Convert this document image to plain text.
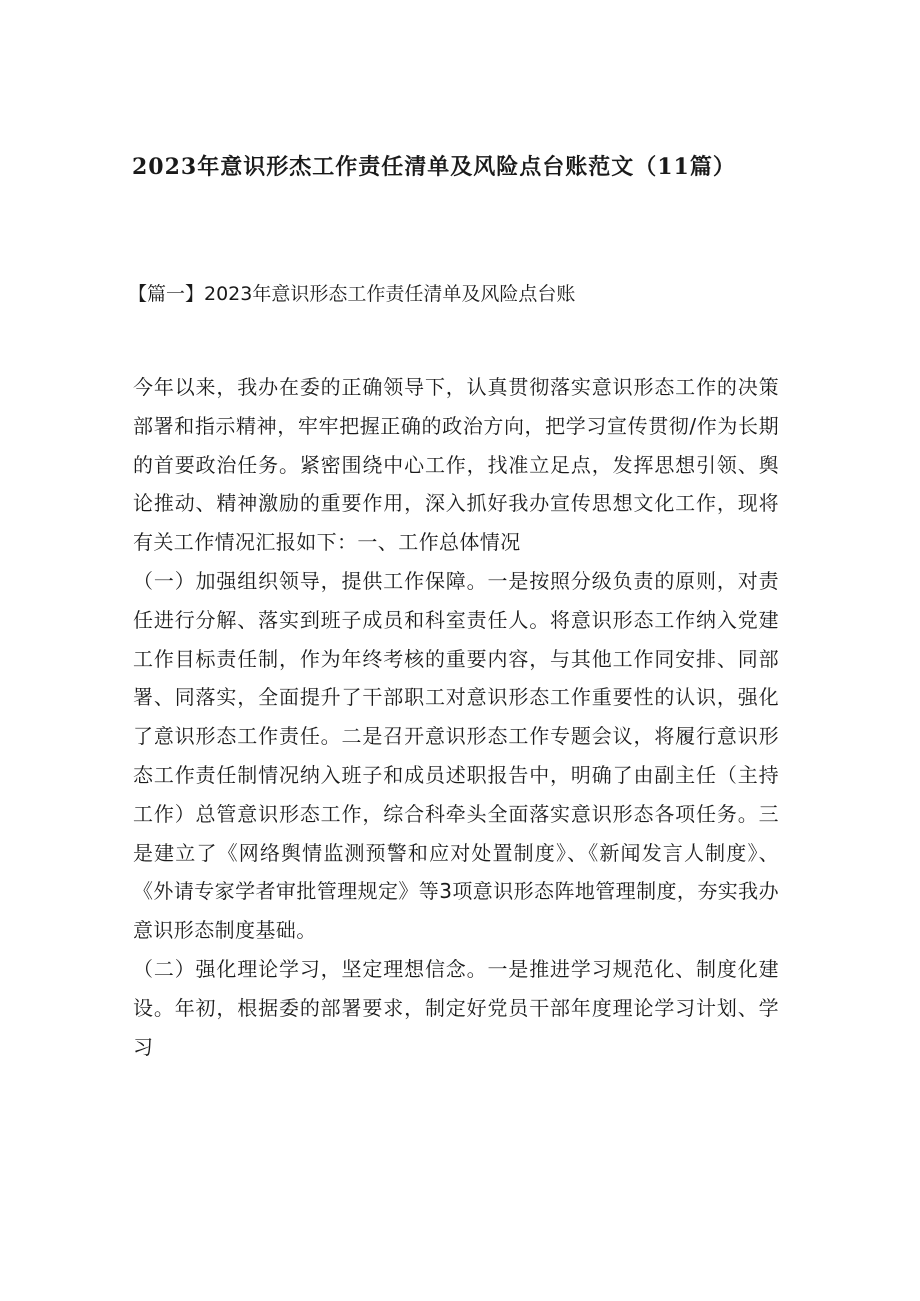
2023年意识形杰工作责任清单及风险点台账范文（11篇）
【篇一】2023年意识形态工作责任清单及风险点台账

今年以来，我办在委的正确领导下，认真贯彻落实意识形态工作的决策部署和指示精神，牢牢把握正确的政治方向，把学习宣传贯彻/作为长期的首要政治任务。紧密围绕中心工作，找准立足点，发挥思想引领、舆论推动、精神激励的重要作用，深入抓好我办宣传思想文化工作，现将有关工作情况汇报如下：一、工作总体情况

（一）加强组织领导，提供工作保障。一是按照分级负责的原则，对责任进行分解、落实到班子成员和科室责任人。将意识形态工作纳入党建工作目标责任制，作为年终考核的重要内容，与其他工作同安排、同部署、同落实，全面提升了干部职工对意识形态工作重要性的认识，强化了意识形态工作责任。二是召开意识形态工作专题会议，将履行意识形态工作责任制情况纳入班子和成员述职报告中，明确了由副主任（主持工作）总管意识形态工作，综合科牵头全面落实意识形态各项任务。三是建立了《网络舆情监测预警和应对处置制度》、《新闻发言人制度》、《外请专家学者审批管理规定》等3项意识形态阵地管理制度，夯实我办意识形态制度基础。

（二）强化理论学习，坚定理想信念。一是推进学习规范化、制度化建设。年初，根据委的部署要求，制定好党员干部年度理论学习计划、学习
